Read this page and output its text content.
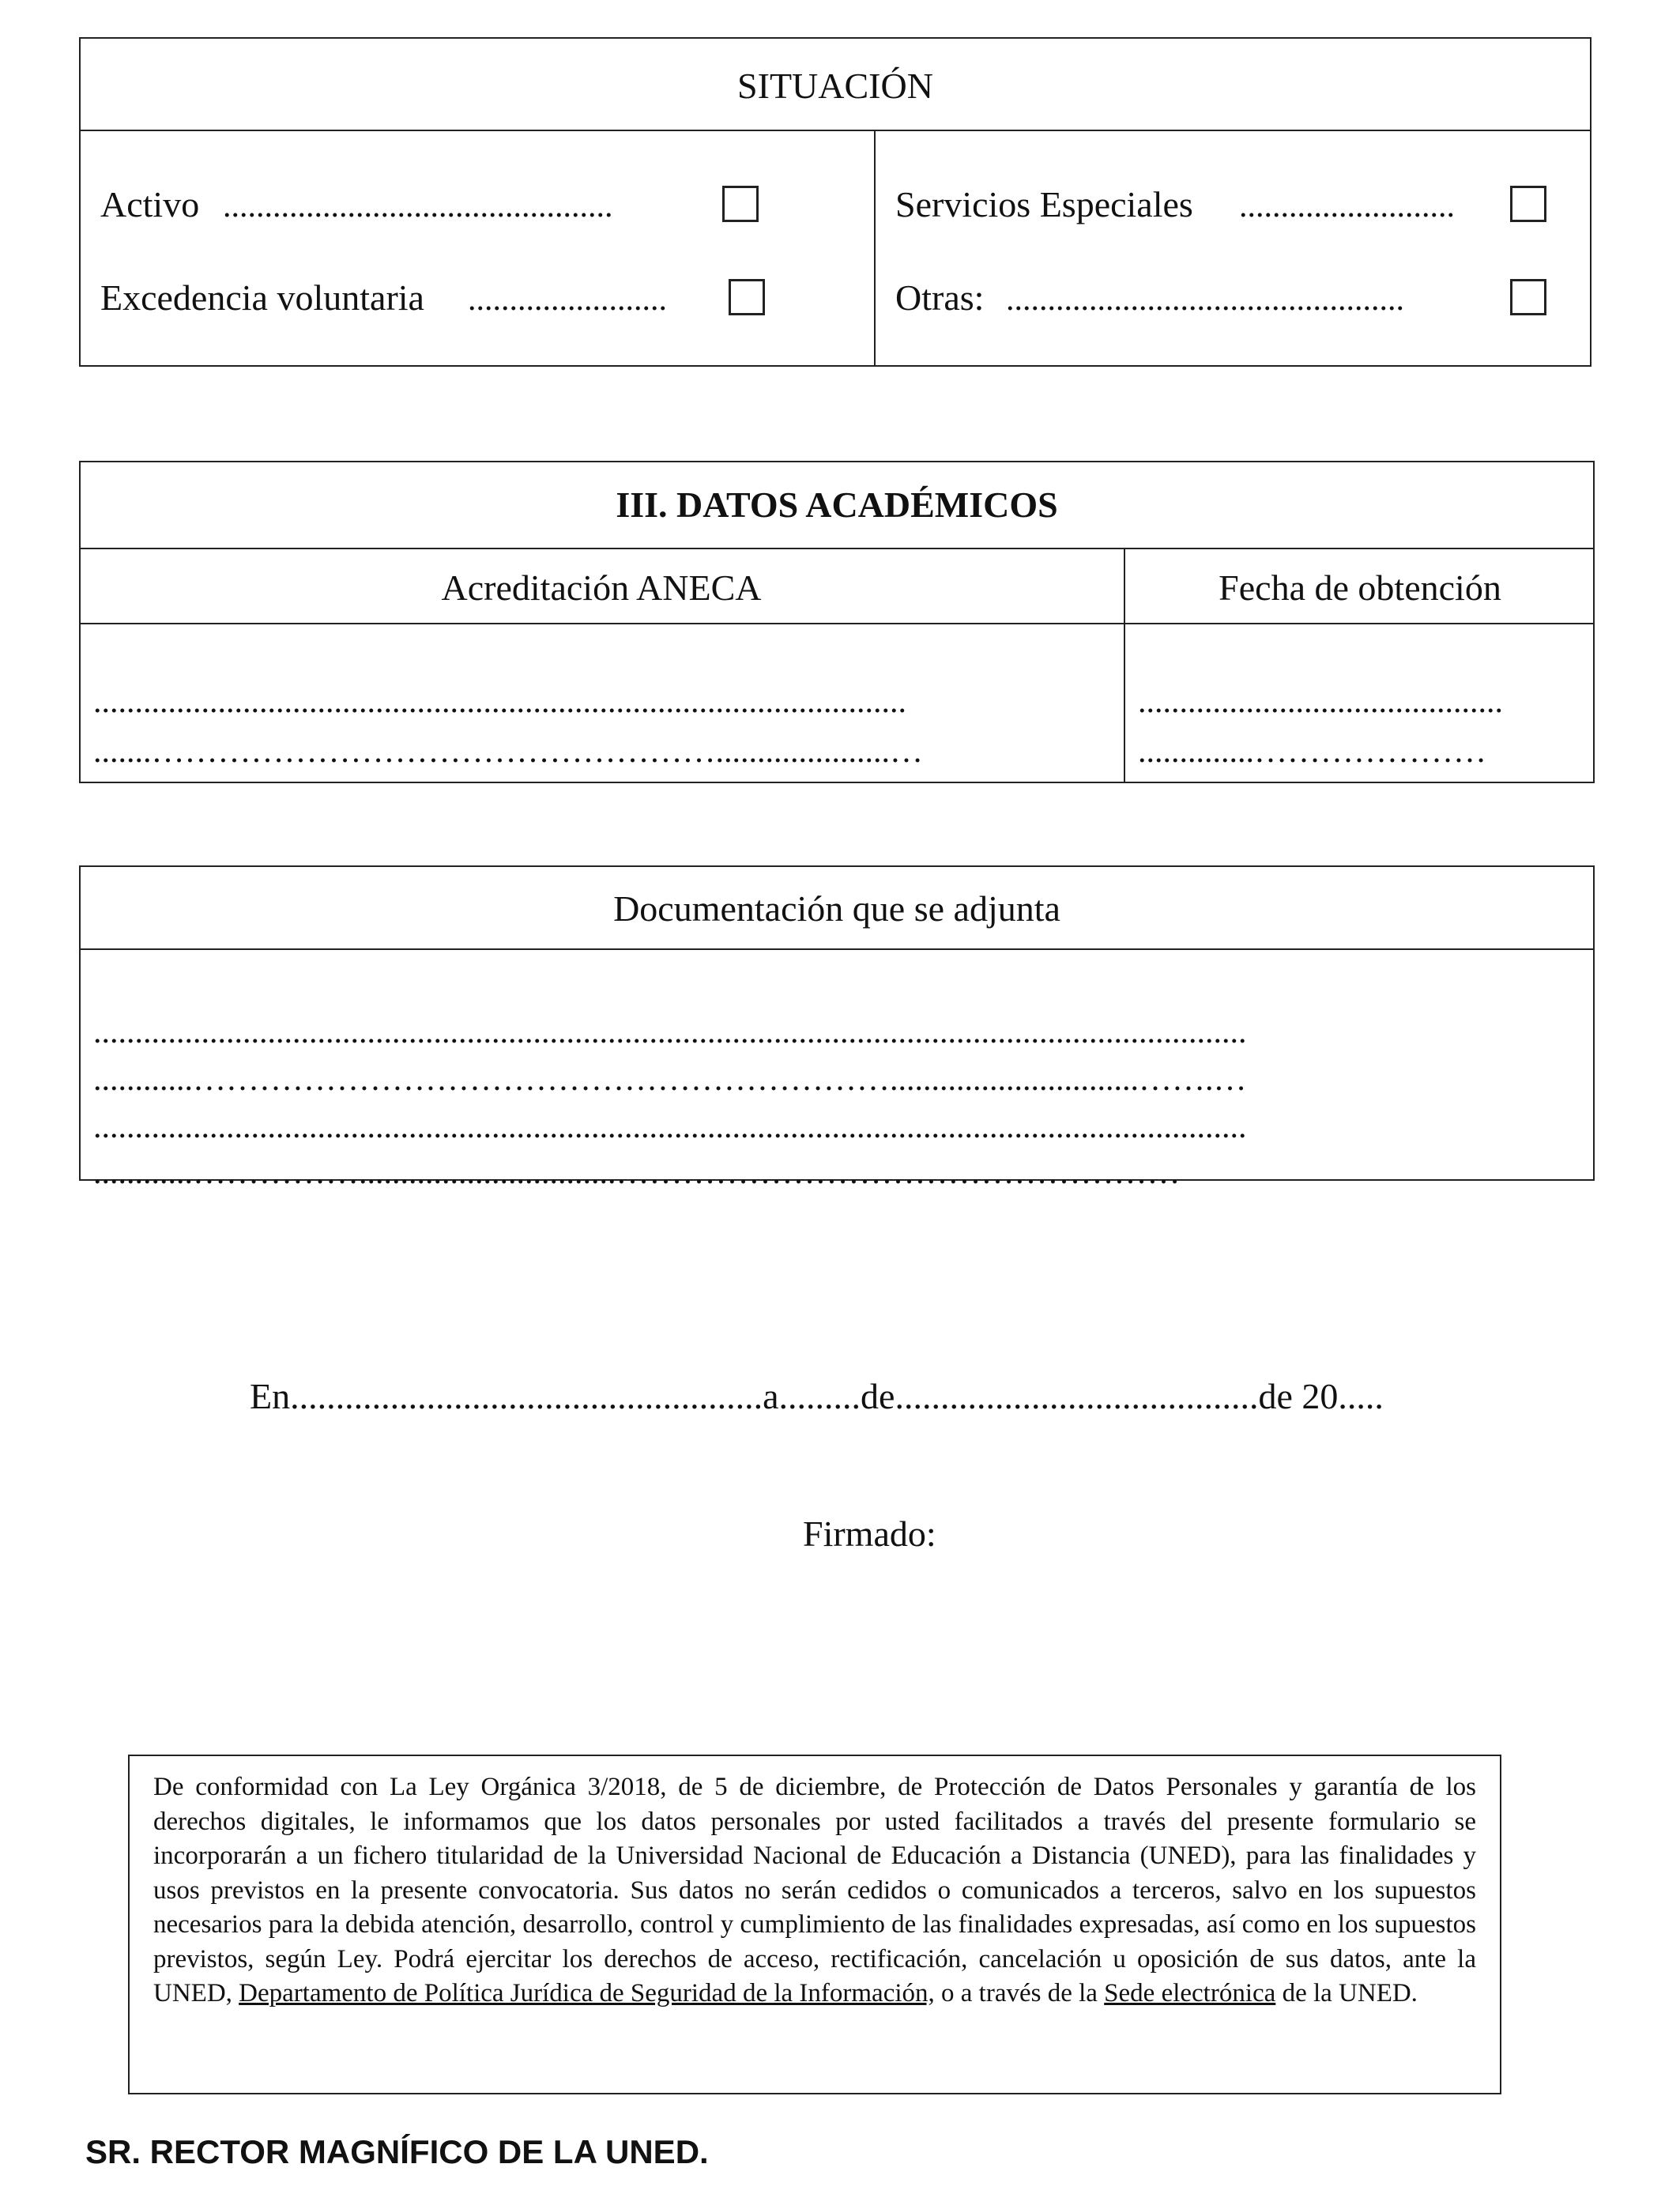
SITUACIÓN
Activo ...............................................
Excedencia voluntaria ........................
Servicios Especiales ..........................
Otras: ................................................
III. DATOS ACADÉMICOS
Acreditación ANECA	Fecha de obtención
..................................................................................................
.......…………………………………………….....................…
............................................
..............…………………
Documentación que se adjunta
...........................................................................................................................................
............………………………………………………………..............................…….…
...........................................................................................................................................
............……………...............................……………………………………………
En....................................................a.........de........................................de 20.....
Firmado:
De conformidad con La Ley Orgánica 3/2018, de 5 de diciembre, de Protección de Datos Personales y garantía de los derechos digitales, le informamos que los datos personales por usted facilitados a través del presente formulario se incorporarán a un fichero titularidad de la Universidad Nacional de Educación a Distancia (UNED), para las finalidades y usos previstos en la presente convocatoria. Sus datos no serán cedidos o comunicados a terceros, salvo en los supuestos necesarios para la debida atención, desarrollo, control y cumplimiento de las finalidades expresadas, así como en los supuestos previstos, según Ley. Podrá ejercitar los derechos de acceso, rectificación, cancelación u oposición de sus datos, ante la UNED, Departamento de Política Jurídica de Seguridad de la Información, o a través de la Sede electrónica de la UNED.
SR. RECTOR MAGNÍFICO DE LA UNED.
